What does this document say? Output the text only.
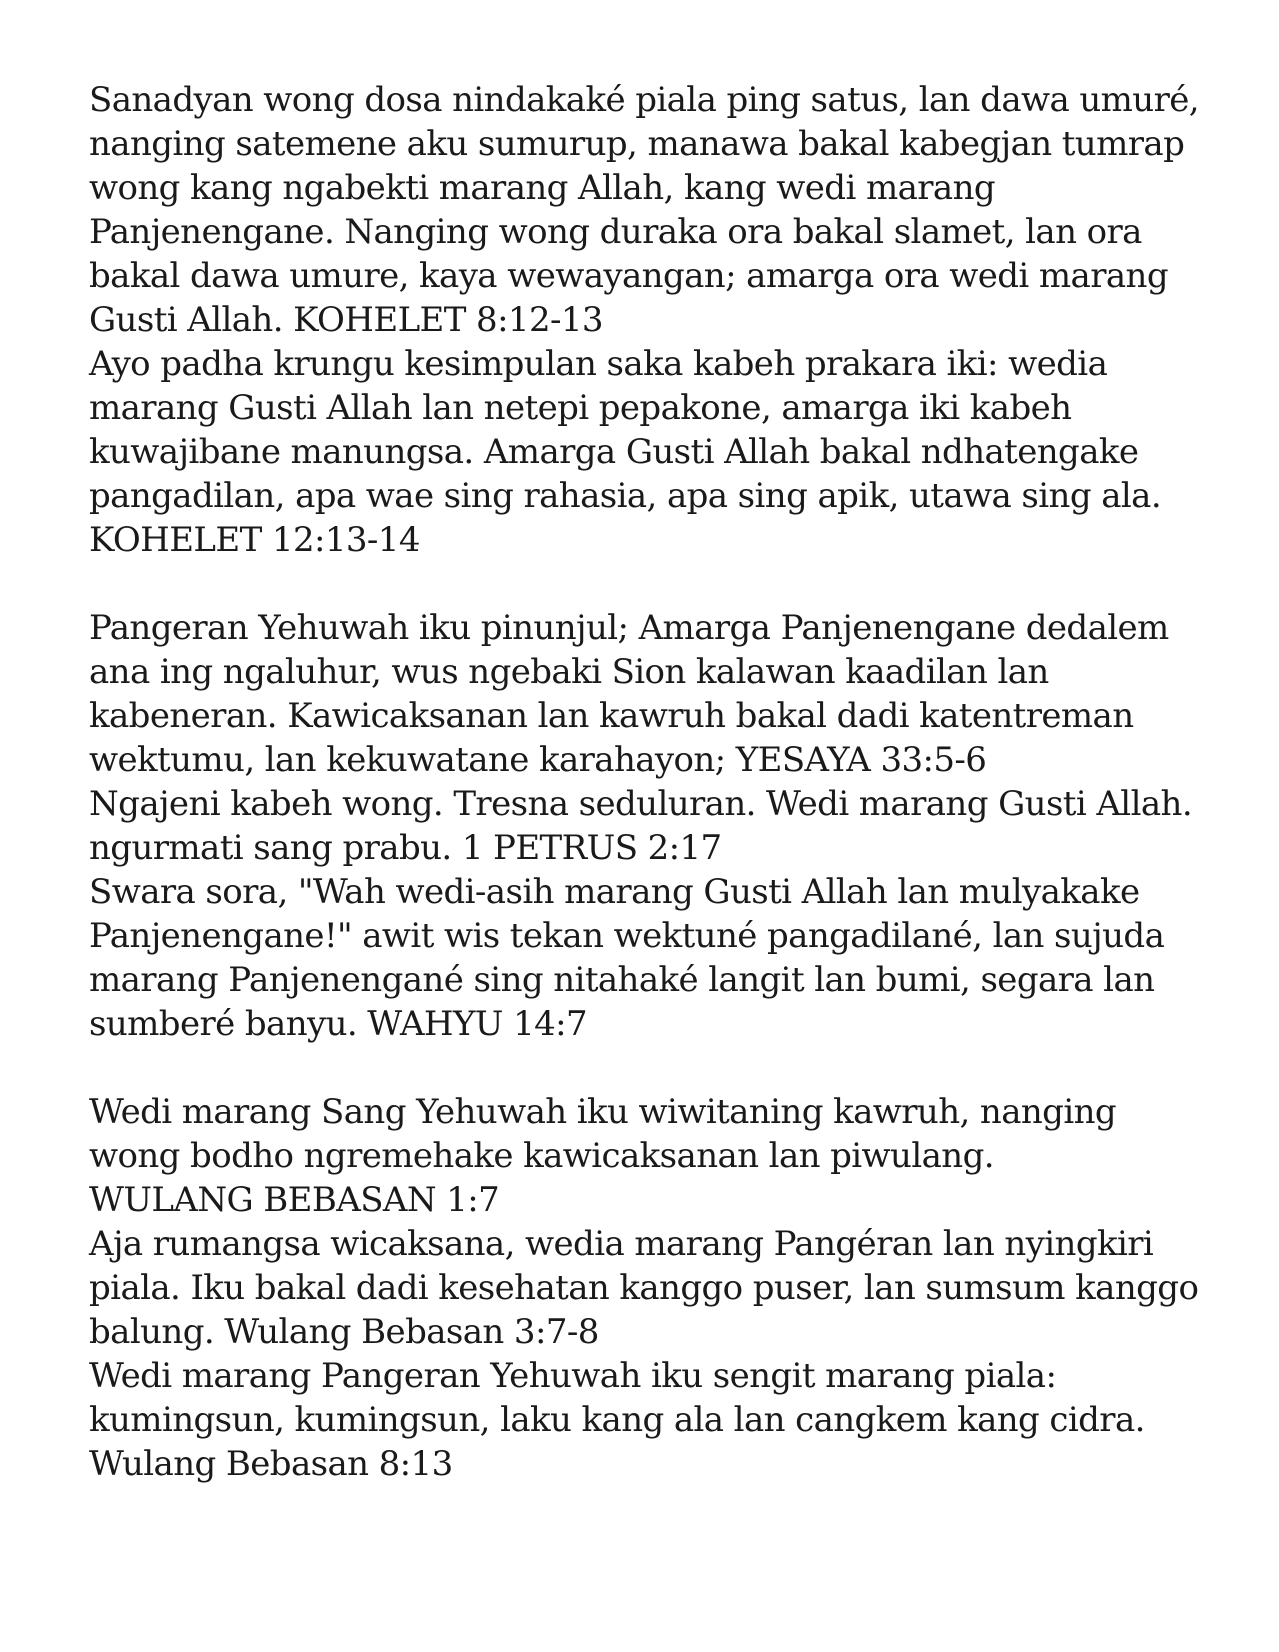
Sanadyan wong dosa nindakaké piala ping satus, lan dawa umuré,
nanging satemene aku sumurup, manawa bakal kabegjan tumrap
wong kang ngabekti marang Allah, kang wedi marang
Panjenengane. Nanging wong duraka ora bakal slamet, lan ora
bakal dawa umure, kaya wewayangan; amarga ora wedi marang
Gusti Allah. KOHELET 8:12-13
Ayo padha krungu kesimpulan saka kabeh prakara iki: wedia
marang Gusti Allah lan netepi pepakone, amarga iki kabeh
kuwajibane manungsa. Amarga Gusti Allah bakal ndhatengake
pangadilan, apa wae sing rahasia, apa sing apik, utawa sing ala.
KOHELET 12:13-14
Pangeran Yehuwah iku pinunjul; Amarga Panjenengane dedalem
ana ing ngaluhur, wus ngebaki Sion kalawan kaadilan lan
kabeneran. Kawicaksanan lan kawruh bakal dadi katentreman
wektumu, lan kekuwatane karahayon; YESAYA 33:5-6
Ngajeni kabeh wong. Tresna seduluran. Wedi marang Gusti Allah.
ngurmati sang prabu. 1 PETRUS 2:17
Swara sora, "Wah wedi-asih marang Gusti Allah lan mulyakake
Panjenengane!" awit wis tekan wektuné pangadilané, lan sujuda
marang Panjenengané sing nitahaké langit lan bumi, segara lan
sumberé banyu. WAHYU 14:7
Wedi marang Sang Yehuwah iku wiwitaning kawruh, nanging
wong bodho ngremehake kawicaksanan lan piwulang.
WULANG BEBASAN 1:7
Aja rumangsa wicaksana, wedia marang Pangéran lan nyingkiri
piala. Iku bakal dadi kesehatan kanggo puser, lan sumsum kanggo
balung. Wulang Bebasan 3:7-8
Wedi marang Pangeran Yehuwah iku sengit marang piala:
kumingsun, kumingsun, laku kang ala lan cangkem kang cidra.
Wulang Bebasan 8:13
